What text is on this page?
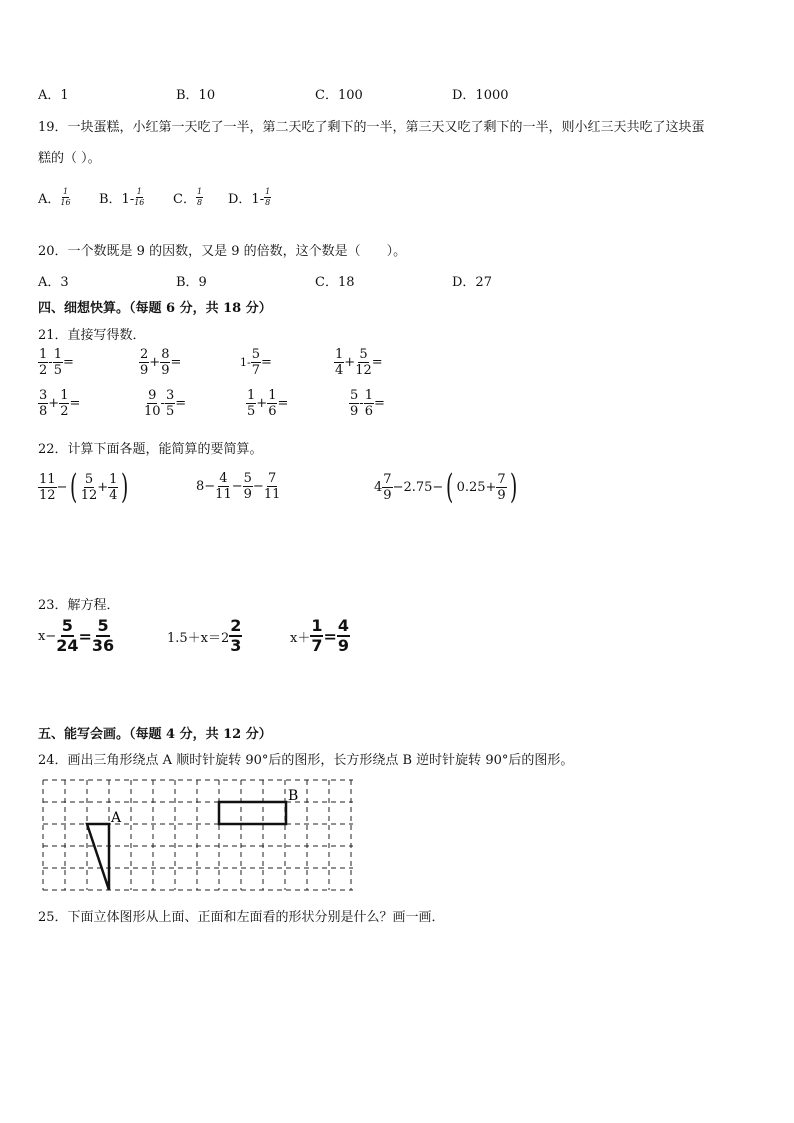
A．1	B．10	C．100	D．1000
19．一块蛋糕，小红第一天吃了一半，第二天吃了剩下的一半，第三天又吃了剩下的一半，则小红三天共吃了这块蛋
糕的（ ）。
A． $\frac{1}{16}$ B．$1- \frac{1}{16}$ C． $\frac{1}{8}$ D．$1- \frac{1}{8}$
20．一个数既是 9 的因数，又是 9 的倍数，这个数是（　　）。
A．3	B．9	C．18	D．27
四、细想快算。（每题 6 分，共 18 分）
21．直接写得数．
$\frac{1}{2} - \frac{1}{5}$ =	$\frac{2}{9} + \frac{8}{9}$ =	$1- \frac{5}{7}$ =	$\frac{1}{4} + \frac{5}{12}$ =
$\frac{3}{8} + \frac{1}{2}$ =	$\frac{9}{10} - \frac{3}{5}$ =	$\frac{1}{5} + \frac{1}{6}$ =	$\frac{5}{9} - \frac{1}{6}$ =
22．计算下面各题，能简算的要简算。
$\frac{11}{12}$ − ( $\frac{5}{12} + \frac{1}{4}$ )	$8- \frac{4}{11} - \frac{5}{9} - \frac{7}{11}$	$4 \frac{7}{9} -2.75-$ ( $0.25+ \frac{7}{9}$ )
23．解方程．
$x- \frac{5}{24} = \frac{5}{36}$	$1.5+x=2 \frac{2}{3}$	$x+ \frac{1}{7} = \frac{4}{9}$
五、能写会画。（每题 4 分，共 12 分）
24．画出三角形绕点 A 顺时针旋转 90°后的图形，长方形绕点 B 逆时针旋转 90°后的图形。
A
B
25．下面立体图形从上面、正面和左面看的形状分别是什么？画一画．
